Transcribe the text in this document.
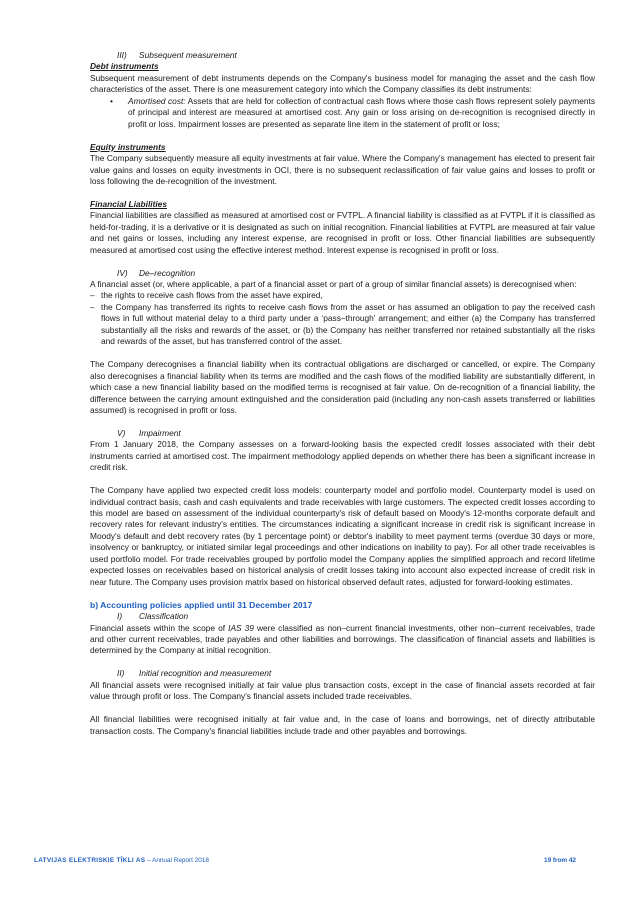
III) Subsequent measurement

Debt instruments

Subsequent measurement of debt instruments depends on the Company's business model for managing the asset and the cash flow characteristics of the asset. There is one measurement category into which the Company classifies its debt instruments:

• Amortised cost: Assets that are held for collection of contractual cash flows where those cash flows represent solely payments of principal and interest are measured at amortised cost. Any gain or loss arising on de-recognition is recognised directly in profit or loss. Impairment losses are presented as separate line item in the statement of profit or loss;

Equity instruments

The Company subsequently measure all equity investments at fair value. Where the Company's management has elected to present fair value gains and losses on equity investments in OCI, there is no subsequent reclassification of fair value gains and losses to profit or loss following the de-recognition of the investment.

Financial Liabilities

Financial liabilities are classified as measured at amortised cost or FVTPL. A financial liability is classified as at FVTPL if it is classified as held-for-trading, it is a derivative or it is designated as such on initial recognition. Financial liabilities at FVTPL are measured at fair value and net gains or losses, including any interest expense, are recognised in profit or loss. Other financial liabilities are subsequently measured at amortised cost using the effective interest method. Interest expense is recognised in profit or loss.

IV) De–recognition

A financial asset (or, where applicable, a part of a financial asset or part of a group of similar financial assets) is derecognised when:

– the rights to receive cash flows from the asset have expired,
– the Company has transferred its rights to receive cash flows from the asset or has assumed an obligation to pay the received cash flows in full without material delay to a third party under a ‘pass–through' arrangement; and either (a) the Company has transferred substantially all the risks and rewards of the asset, or (b) the Company has neither transferred nor retained substantially all the risks and rewards of the asset, but has transferred control of the asset.

The Company derecognises a financial liability when its contractual obligations are discharged or cancelled, or expire. The Company also derecognises a financial liability when its terms are modified and the cash flows of the modified liability are substantially different, in which case a new financial liability based on the modified terms is recognised at fair value. On de-recognition of a financial liability, the difference between the carrying amount extinguished and the consideration paid (including any non-cash assets transferred or liabilities assumed) is recognised in profit or loss.

V) Impairment

From 1 January 2018, the Company assesses on a forward-looking basis the expected credit losses associated with their debt instruments carried at amortised cost. The impairment methodology applied depends on whether there has been a significant increase in credit risk.

The Company have applied two expected credit loss models: counterparty model and portfolio model. Counterparty model is used on individual contract basis, cash and cash equivalents and trade receivables with large customers. The expected credit losses according to this model are based on assessment of the individual counterparty's risk of default based on Moody's 12-months corporate default and recovery rates for relevant industry's entities. The circumstances indicating a significant increase in credit risk is significant increase in Moody's default and debt recovery rates (by 1 percentage point) or debtor's inability to meet payment terms (overdue 30 days or more, insolvency or bankruptcy, or initiated similar legal proceedings and other indications on inability to pay). For all other trade receivables is used portfolio model. For trade receivables grouped by portfolio model the Company applies the simplified approach and record lifetime expected losses on receivables based on historical analysis of credit losses taking into account also expected increase of credit risk in near future. The Company uses provision matrix based on historical observed default rates, adjusted for forward-looking estimates.

b) Accounting policies applied until 31 December 2017

I) Classification

Financial assets within the scope of IAS 39 were classified as non–current financial investments, other non–current receivables, trade and other current receivables, trade payables and other liabilities and borrowings. The classification of financial assets and liabilities is determined by the Company at initial recognition.

II) Initial recognition and measurement

All financial assets were recognised initially at fair value plus transaction costs, except in the case of financial assets recorded at fair value through profit or loss. The Company's financial assets included trade receivables.

All financial liabilities were recognised initially at fair value and, in the case of loans and borrowings, net of directly attributable transaction costs. The Company's financial liabilities include trade and other payables and borrowings.

LATVIJAS ELEKTRISKIE TĪKLI AS – Annual Report 2018	19 from 42
